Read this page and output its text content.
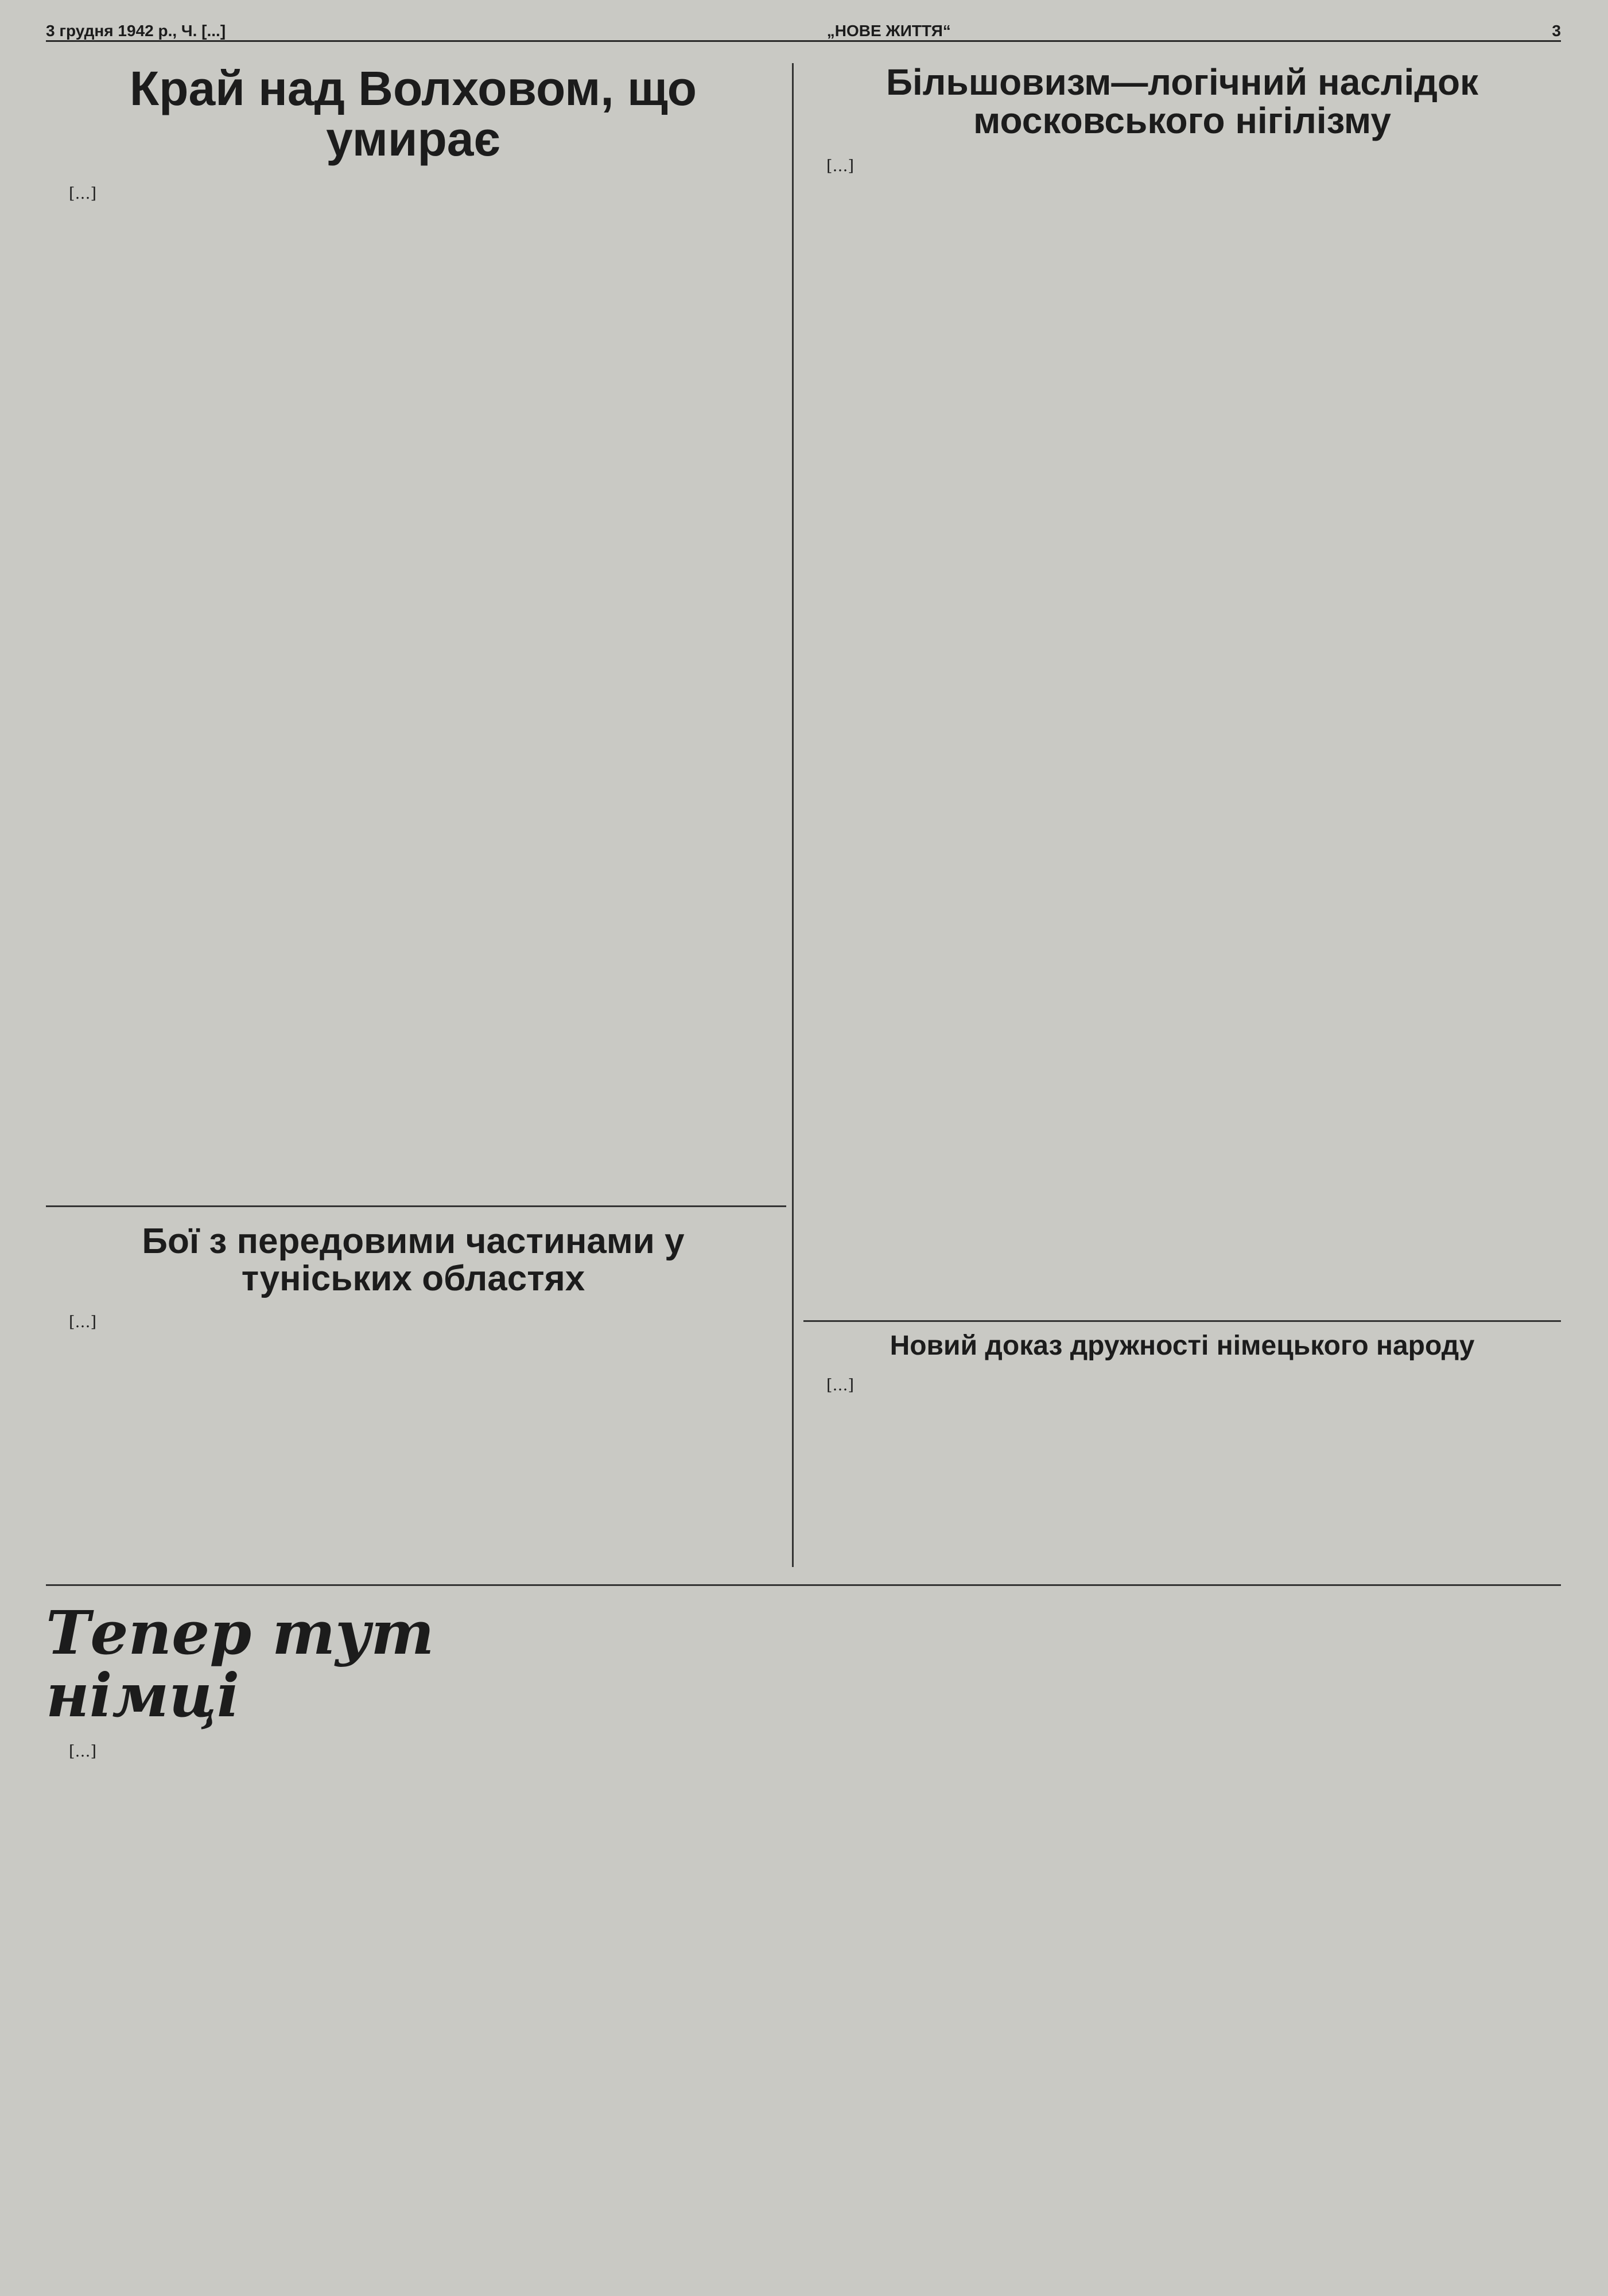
3 грудня 1942 р., Ч. [...]	„НОВЕ ЖИТТЯ“	3
Край над Волховом, що умирає

[…]

Більшовизм—логічний наслідок московського нігілізму

[…]

Бої з передовими частинами у туніських областях

[…]

Новий доказ дружності німецького народу

[…]

Тепер тут німці

[…]
